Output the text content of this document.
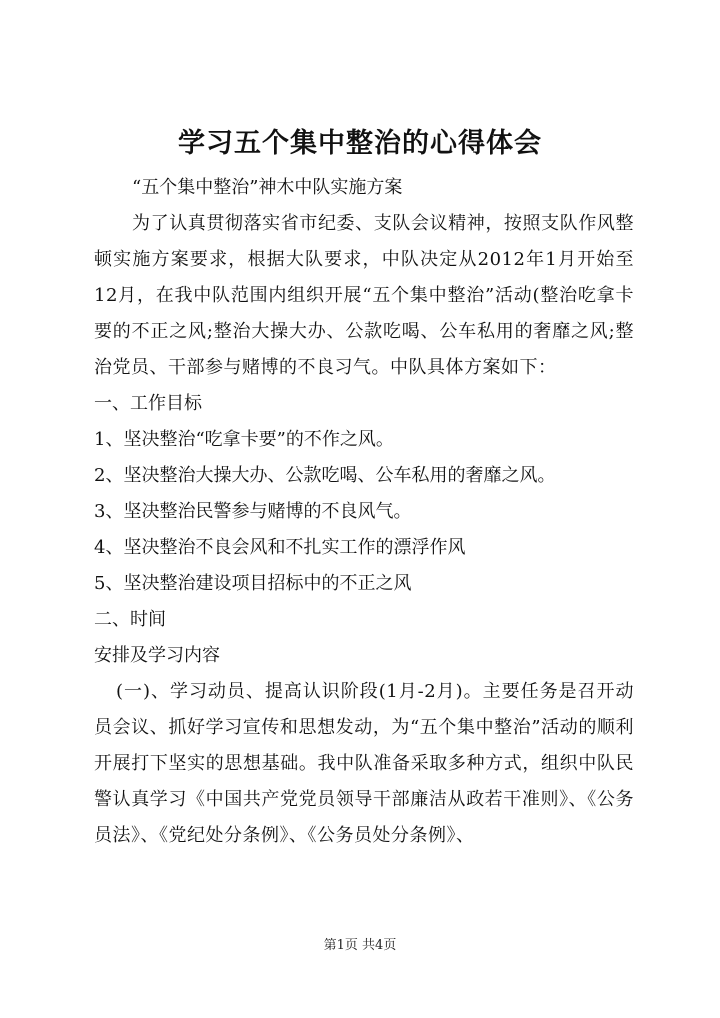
学习五个集中整治的心得体会

“五个集中整治”神木中队实施方案

为了认真贯彻落实省市纪委、支队会议精神，按照支队作风整顿实施方案要求，根据大队要求，中队决定从2012年1月开始至12月，在我中队范围内组织开展“五个集中整治”活动(整治吃拿卡要的不正之风;整治大操大办、公款吃喝、公车私用的奢靡之风;整治党员、干部参与赌博的不良习气。中队具体方案如下：

一、工作目标

1、坚决整治“吃拿卡要”的不作之风。

2、坚决整治大操大办、公款吃喝、公车私用的奢靡之风。

3、坚决整治民警参与赌博的不良风气。

4、坚决整治不良会风和不扎实工作的漂浮作风

5、坚决整治建设项目招标中的不正之风

二、时间

安排及学习内容

(一)、学习动员、提高认识阶段(1月-2月)。主要任务是召开动员会议、抓好学习宣传和思想发动，为“五个集中整治”活动的顺利开展打下坚实的思想基础。我中队准备采取多种方式，组织中队民警认真学习《中国共产党党员领导干部廉洁从政若干准则》、《公务员法》、《党纪处分条例》、《公务员处分条例》、

第1页 共4页
